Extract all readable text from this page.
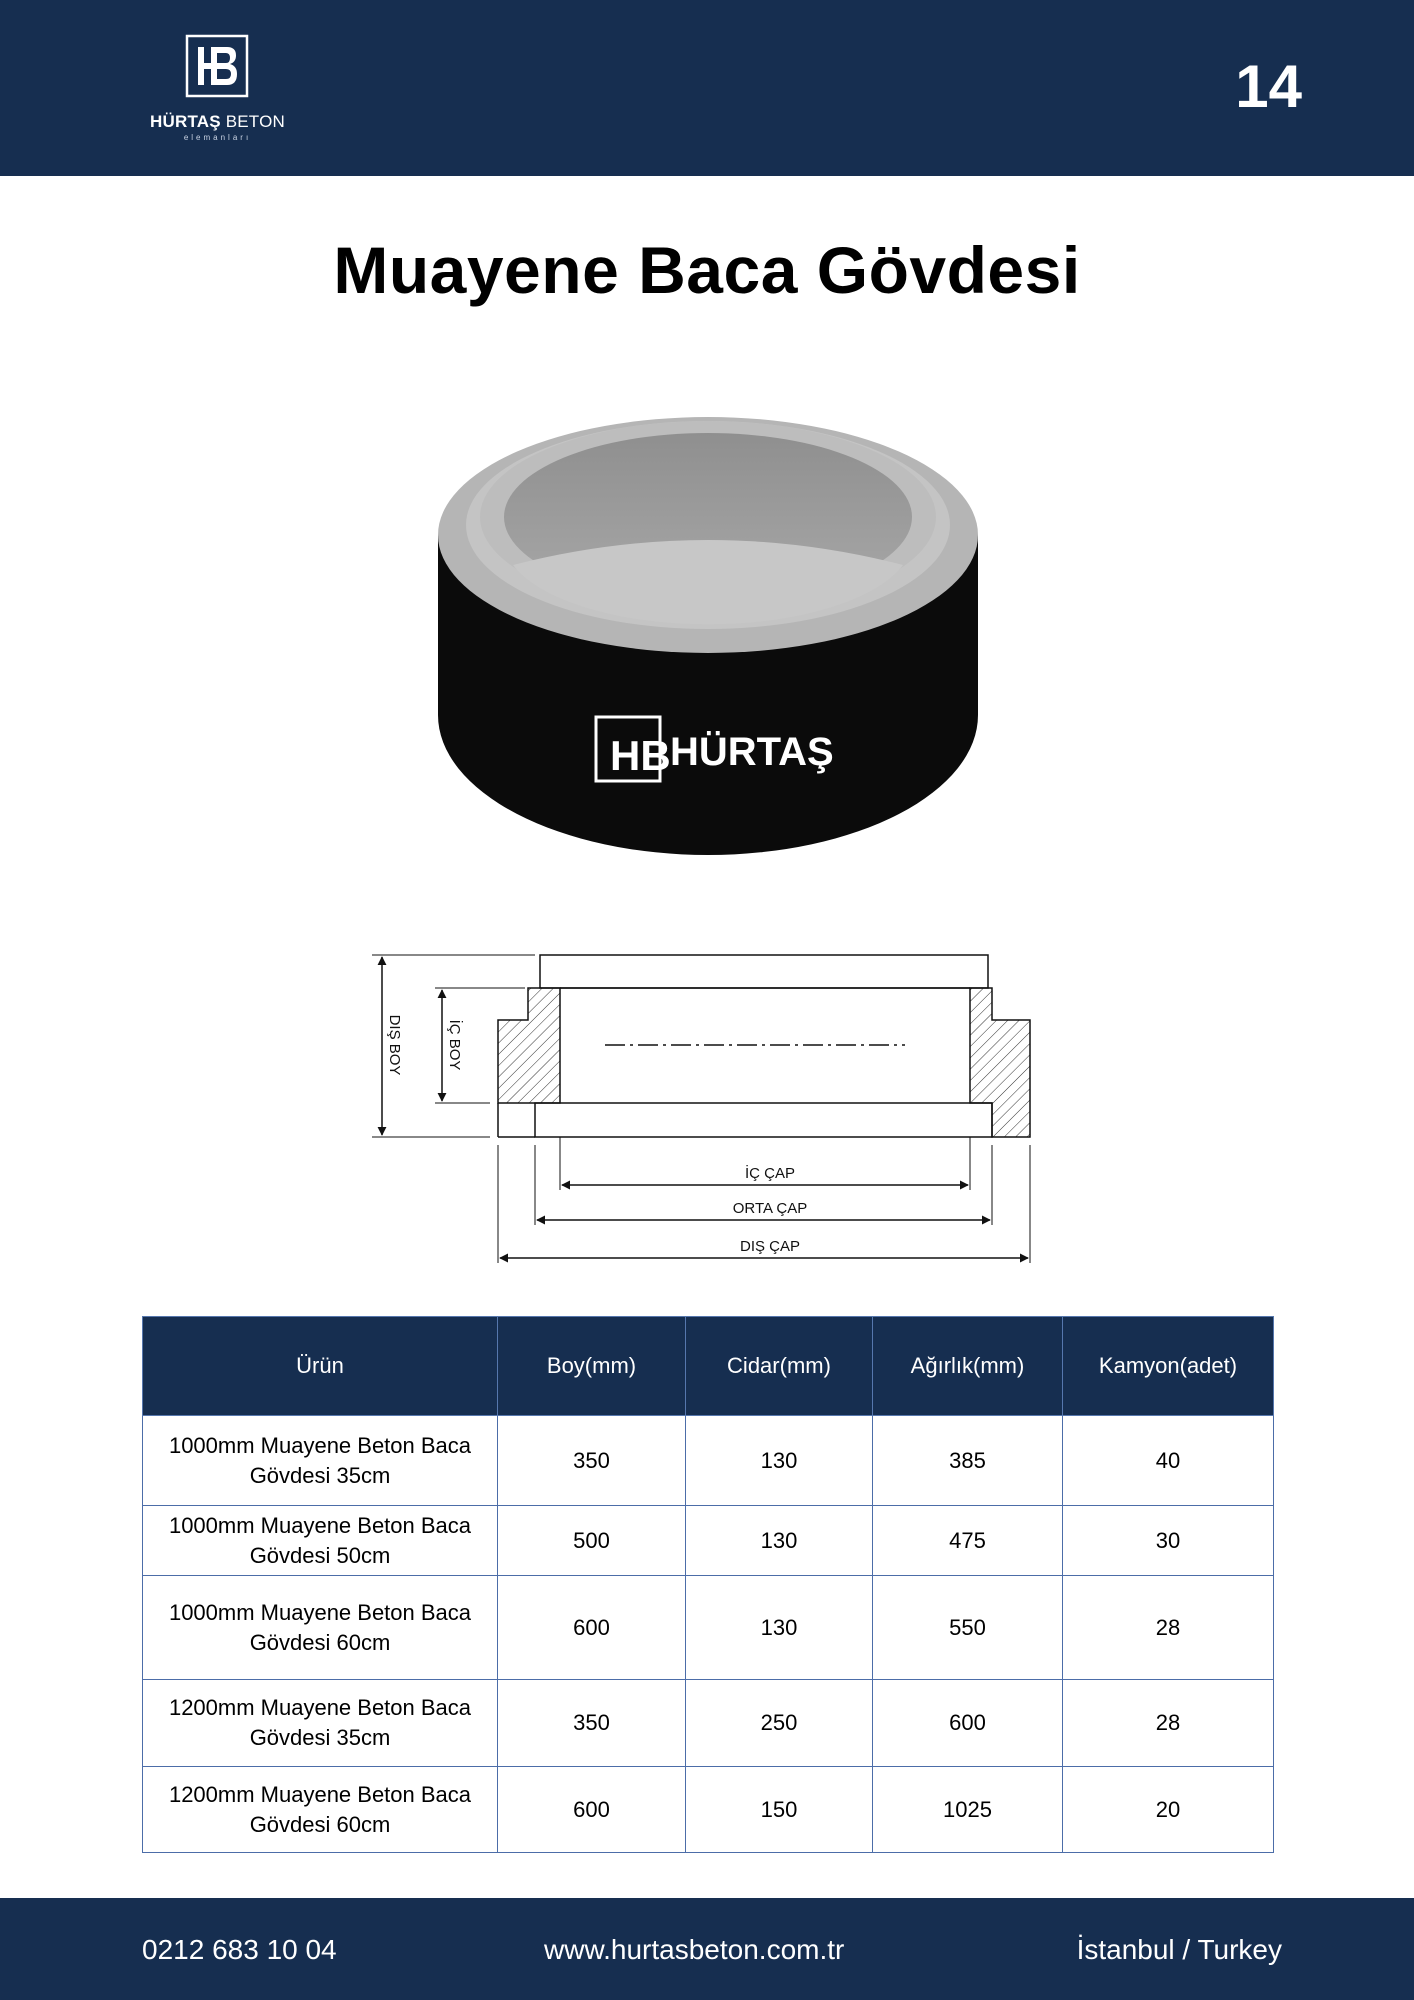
HÜRTAŞ BETON
elemanları
14
Muayene Baca Gövdesi
HB HÜRTAŞ
DIŞ BOY	İÇ BOY
İÇ ÇAP
ORTA ÇAP
DIŞ ÇAP
Ürün	Boy(mm)	Cidar(mm)	Ağırlık(mm)	Kamyon(adet)
1000mm Muayene Beton Baca Gövdesi 35cm	350	130	385	40
1000mm Muayene Beton Baca Gövdesi 50cm	500	130	475	30
1000mm Muayene Beton Baca Gövdesi 60cm	600	130	550	28
1200mm Muayene Beton Baca Gövdesi 35cm	350	250	600	28
1200mm Muayene Beton Baca Gövdesi 60cm	600	150	1025	20
0212 683 10 04	www.hurtasbeton.com.tr	İstanbul / Turkey
